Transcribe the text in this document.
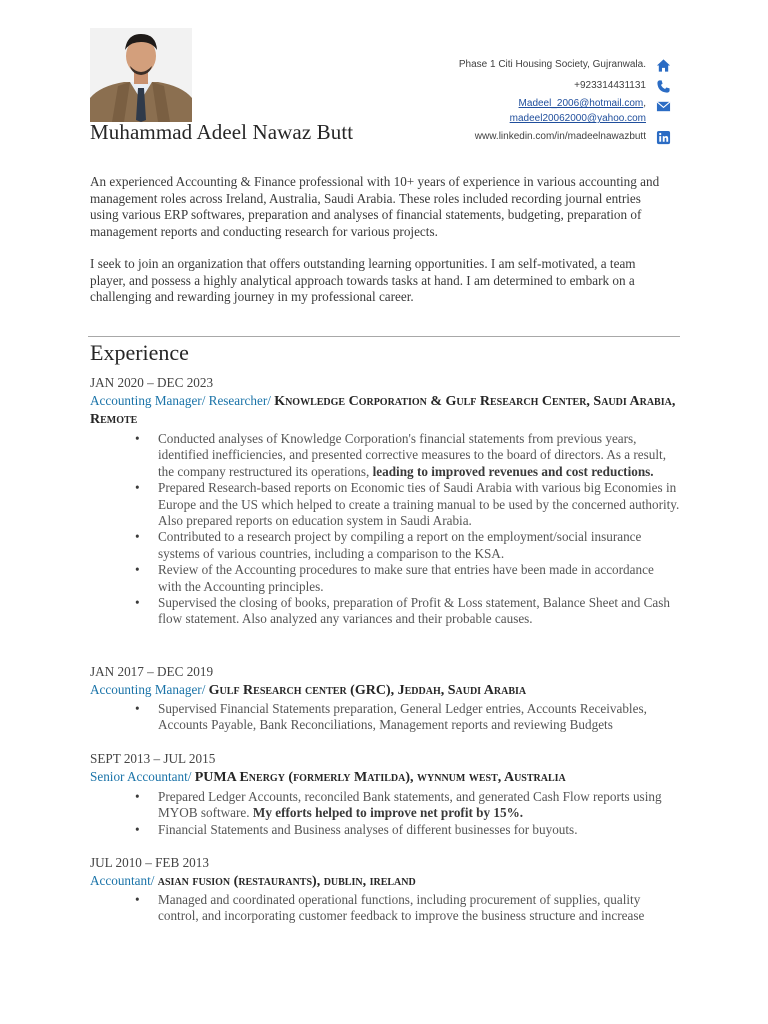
Muhammad Adeel Nawaz Butt
Phase 1 Citi Housing Society, Gujranwala.
+923314431131
Madeel_2006@hotmail.com,
madeel20062000@yahoo.com
www.linkedin.com/in/madeelnawazbutt
An experienced Accounting & Finance professional with 10+ years of experience in various accounting and management roles across Ireland, Australia, Saudi Arabia. These roles included recording journal entries using various ERP softwares, preparation and analyses of financial statements, budgeting, preparation of management reports and conducting research for various projects.
I seek to join an organization that offers outstanding learning opportunities. I am self-motivated, a team player, and possess a highly analytical approach towards tasks at hand. I am determined to embark on a challenging and rewarding journey in my professional career.
Experience
JAN 2020 – DEC 2023
Accounting Manager/ Researcher/ Knowledge Corporation & Gulf Research Center, Saudi Arabia, Remote
• Conducted analyses of Knowledge Corporation's financial statements from previous years, identified inefficiencies, and presented corrective measures to the board of directors. As a result, the company restructured its operations, leading to improved revenues and cost reductions.
• Prepared Research-based reports on Economic ties of Saudi Arabia with various big Economies in Europe and the US which helped to create a training manual to be used by the concerned authority. Also prepared reports on education system in Saudi Arabia.
• Contributed to a research project by compiling a report on the employment/social insurance systems of various countries, including a comparison to the KSA.
• Review of the Accounting procedures to make sure that entries have been made in accordance with the Accounting principles.
• Supervised the closing of books, preparation of Profit & Loss statement, Balance Sheet and Cash flow statement. Also analyzed any variances and their probable causes.
JAN 2017 – DEC 2019
Accounting Manager/ Gulf Research center (GRC), Jeddah, Saudi Arabia
• Supervised Financial Statements preparation, General Ledger entries, Accounts Receivables, Accounts Payable, Bank Reconciliations, Management reports and reviewing Budgets
SEPT 2013 – JUL 2015
Senior Accountant/ PUMA Energy (formerly Matilda), wynnum west, Australia
• Prepared Ledger Accounts, reconciled Bank statements, and generated Cash Flow reports using MYOB software. My efforts helped to improve net profit by 15%.
• Financial Statements and Business analyses of different businesses for buyouts.
JUL 2010 – FEB 2013
Accountant/ asian fusion (restaurants), dublin, ireland
• Managed and coordinated operational functions, including procurement of supplies, quality control, and incorporating customer feedback to improve the business structure and increase
